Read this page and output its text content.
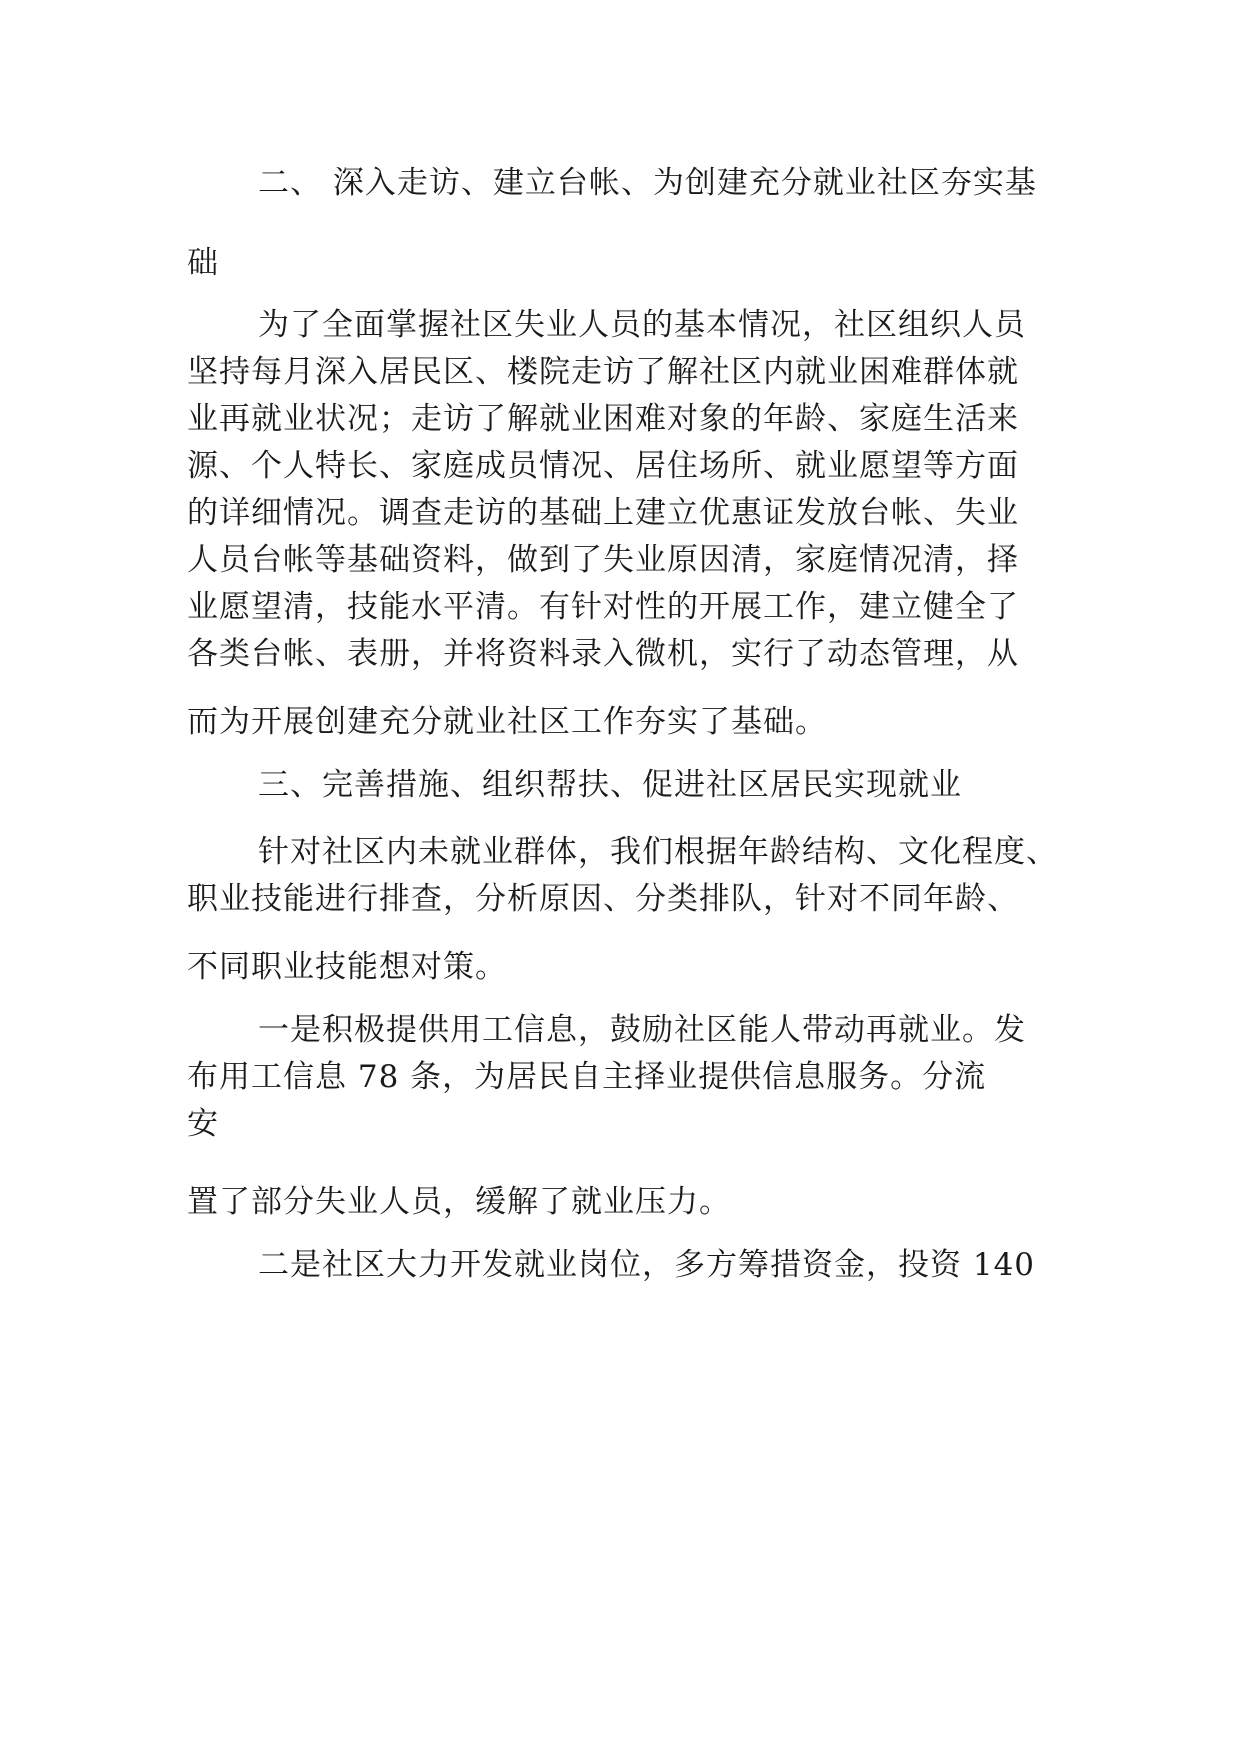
二、 深入走访、建立台帐、为创建充分就业社区夯实基
础
为了全面掌握社区失业人员的基本情况，社区组织人员
坚持每月深入居民区、楼院走访了解社区内就业困难群体就
业再就业状况；走访了解就业困难对象的年龄、家庭生活来
源、个人特长、家庭成员情况、居住场所、就业愿望等方面
的详细情况。调查走访的基础上建立优惠证发放台帐、失业
人员台帐等基础资料，做到了失业原因清，家庭情况清，择
业愿望清，技能水平清。有针对性的开展工作，建立健全了
各类台帐、表册，并将资料录入微机，实行了动态管理，从
而为开展创建充分就业社区工作夯实了基础。
三、完善措施、组织帮扶、促进社区居民实现就业
针对社区内未就业群体，我们根据年龄结构、文化程度、
职业技能进行排查，分析原因、分类排队，针对不同年龄、
不同职业技能想对策。
一是积极提供用工信息，鼓励社区能人带动再就业。发
布用工信息 78 条，为居民自主择业提供信息服务。分流
安
置了部分失业人员，缓解了就业压力。
二是社区大力开发就业岗位，多方筹措资金，投资 140
